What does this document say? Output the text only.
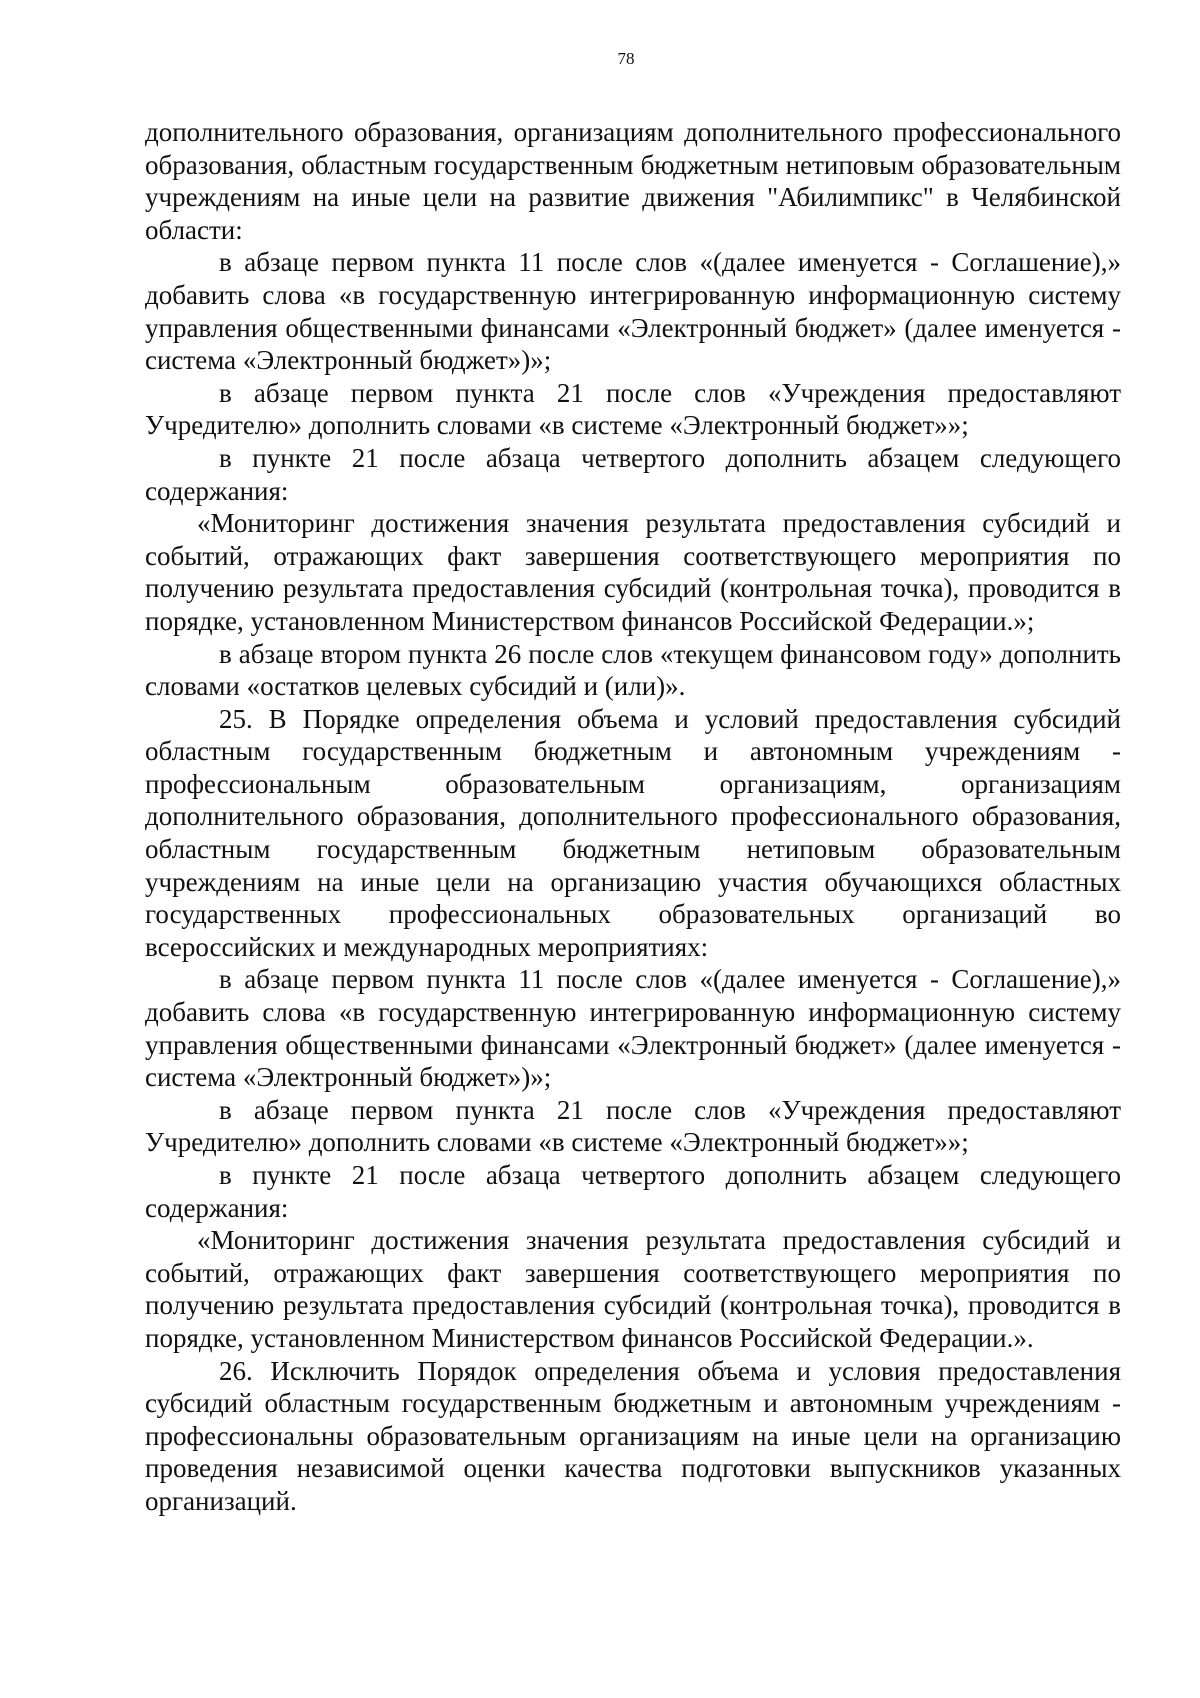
78

дополнительного образования, организациям дополнительного профессионального образования, областным государственным бюджетным нетиповым образовательным учреждениям на иные цели на развитие движения "Абилимпикс" в Челябинской области:

в абзаце первом пункта 11 после слов «(далее именуется - Соглашение),» добавить слова «в государственную интегрированную информационную систему управления общественными финансами «Электронный бюджет» (далее именуется - система «Электронный бюджет»)»;

в абзаце первом пункта 21 после слов «Учреждения предоставляют Учредителю» дополнить словами «в системе «Электронный бюджет»»;

в пункте 21 после абзаца четвертого дополнить абзацем следующего содержания:

«Мониторинг достижения значения результата предоставления субсидий и событий, отражающих факт завершения соответствующего мероприятия по получению результата предоставления субсидий (контрольная точка), проводится в порядке, установленном Министерством финансов Российской Федерации.»;

в абзаце втором пункта 26 после слов «текущем финансовом году» дополнить словами «остатков целевых субсидий и (или)».

25. В Порядке определения объема и условий предоставления субсидий областным государственным бюджетным и автономным учреждениям - профессиональным образовательным организациям, организациям дополнительного образования, дополнительного профессионального образования, областным государственным бюджетным нетиповым образовательным учреждениям на иные цели на организацию участия обучающихся областных государственных профессиональных образовательных организаций во всероссийских и международных мероприятиях:

в абзаце первом пункта 11 после слов «(далее именуется - Соглашение),» добавить слова «в государственную интегрированную информационную систему управления общественными финансами «Электронный бюджет» (далее именуется - система «Электронный бюджет»)»;

в абзаце первом пункта 21 после слов «Учреждения предоставляют Учредителю» дополнить словами «в системе «Электронный бюджет»»;

в пункте 21 после абзаца четвертого дополнить абзацем следующего содержания:

«Мониторинг достижения значения результата предоставления субсидий и событий, отражающих факт завершения соответствующего мероприятия по получению результата предоставления субсидий (контрольная точка), проводится в порядке, установленном Министерством финансов Российской Федерации.».

26. Исключить Порядок определения объема и условия предоставления субсидий областным государственным бюджетным и автономным учреждениям - профессиональны образовательным организациям на иные цели на организацию проведения независимой оценки качества подготовки выпускников указанных организаций.
